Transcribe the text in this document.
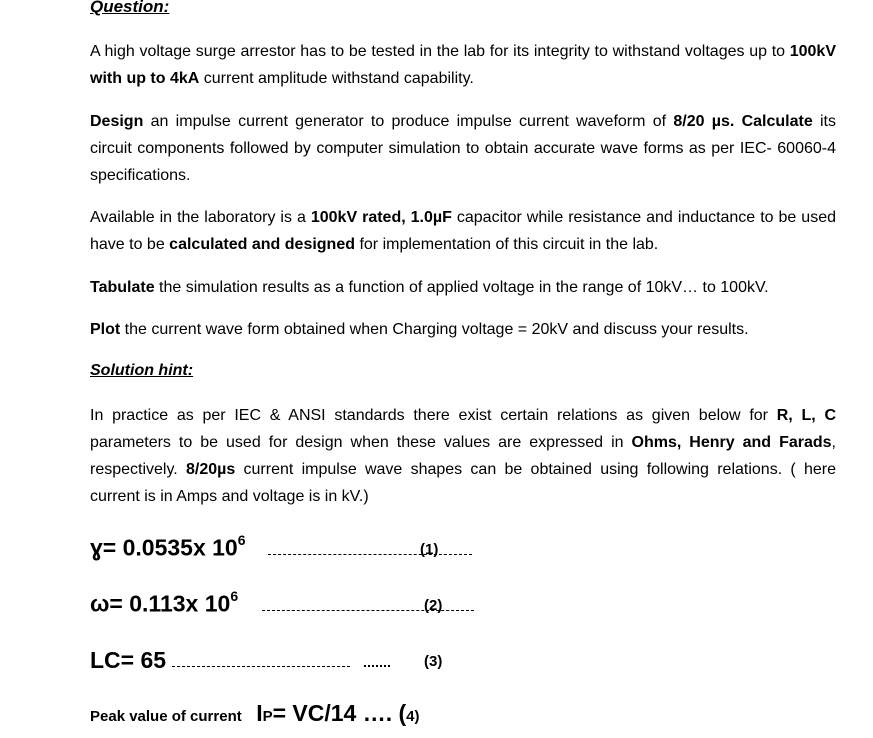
Question:

A high voltage surge arrestor has to be tested in the lab for its integrity to withstand voltages up to 100kV with up to 4kA current amplitude withstand capability.

Design an impulse current generator to produce impulse current waveform of 8/20 µs. Calculate its circuit components followed by computer simulation to obtain accurate wave forms as per IEC- 60060-4 specifications.

Available in the laboratory is a 100kV rated, 1.0µF capacitor while resistance and inductance to be used have to be calculated and designed for implementation of this circuit in the lab.

Tabulate the simulation results as a function of applied voltage in the range of 10kV… to 100kV.

Plot the current wave form obtained when Charging voltage = 20kV and discuss your results.

Solution hint:

In practice as per IEC & ANSI standards there exist certain relations as given below for R, L, C parameters to be used for design when these values are expressed in Ohms, Henry and Farads, respectively. 8/20µs current impulse wave shapes can be obtained using following relations. ( here current is in Amps and voltage is in kV.)

ɣ= 0.0535x $10^6$
(1)
ω= 0.113x $10^6$
(2)
LC= 65	(3)
Peak value of current IP= VC/14 …. (4)
